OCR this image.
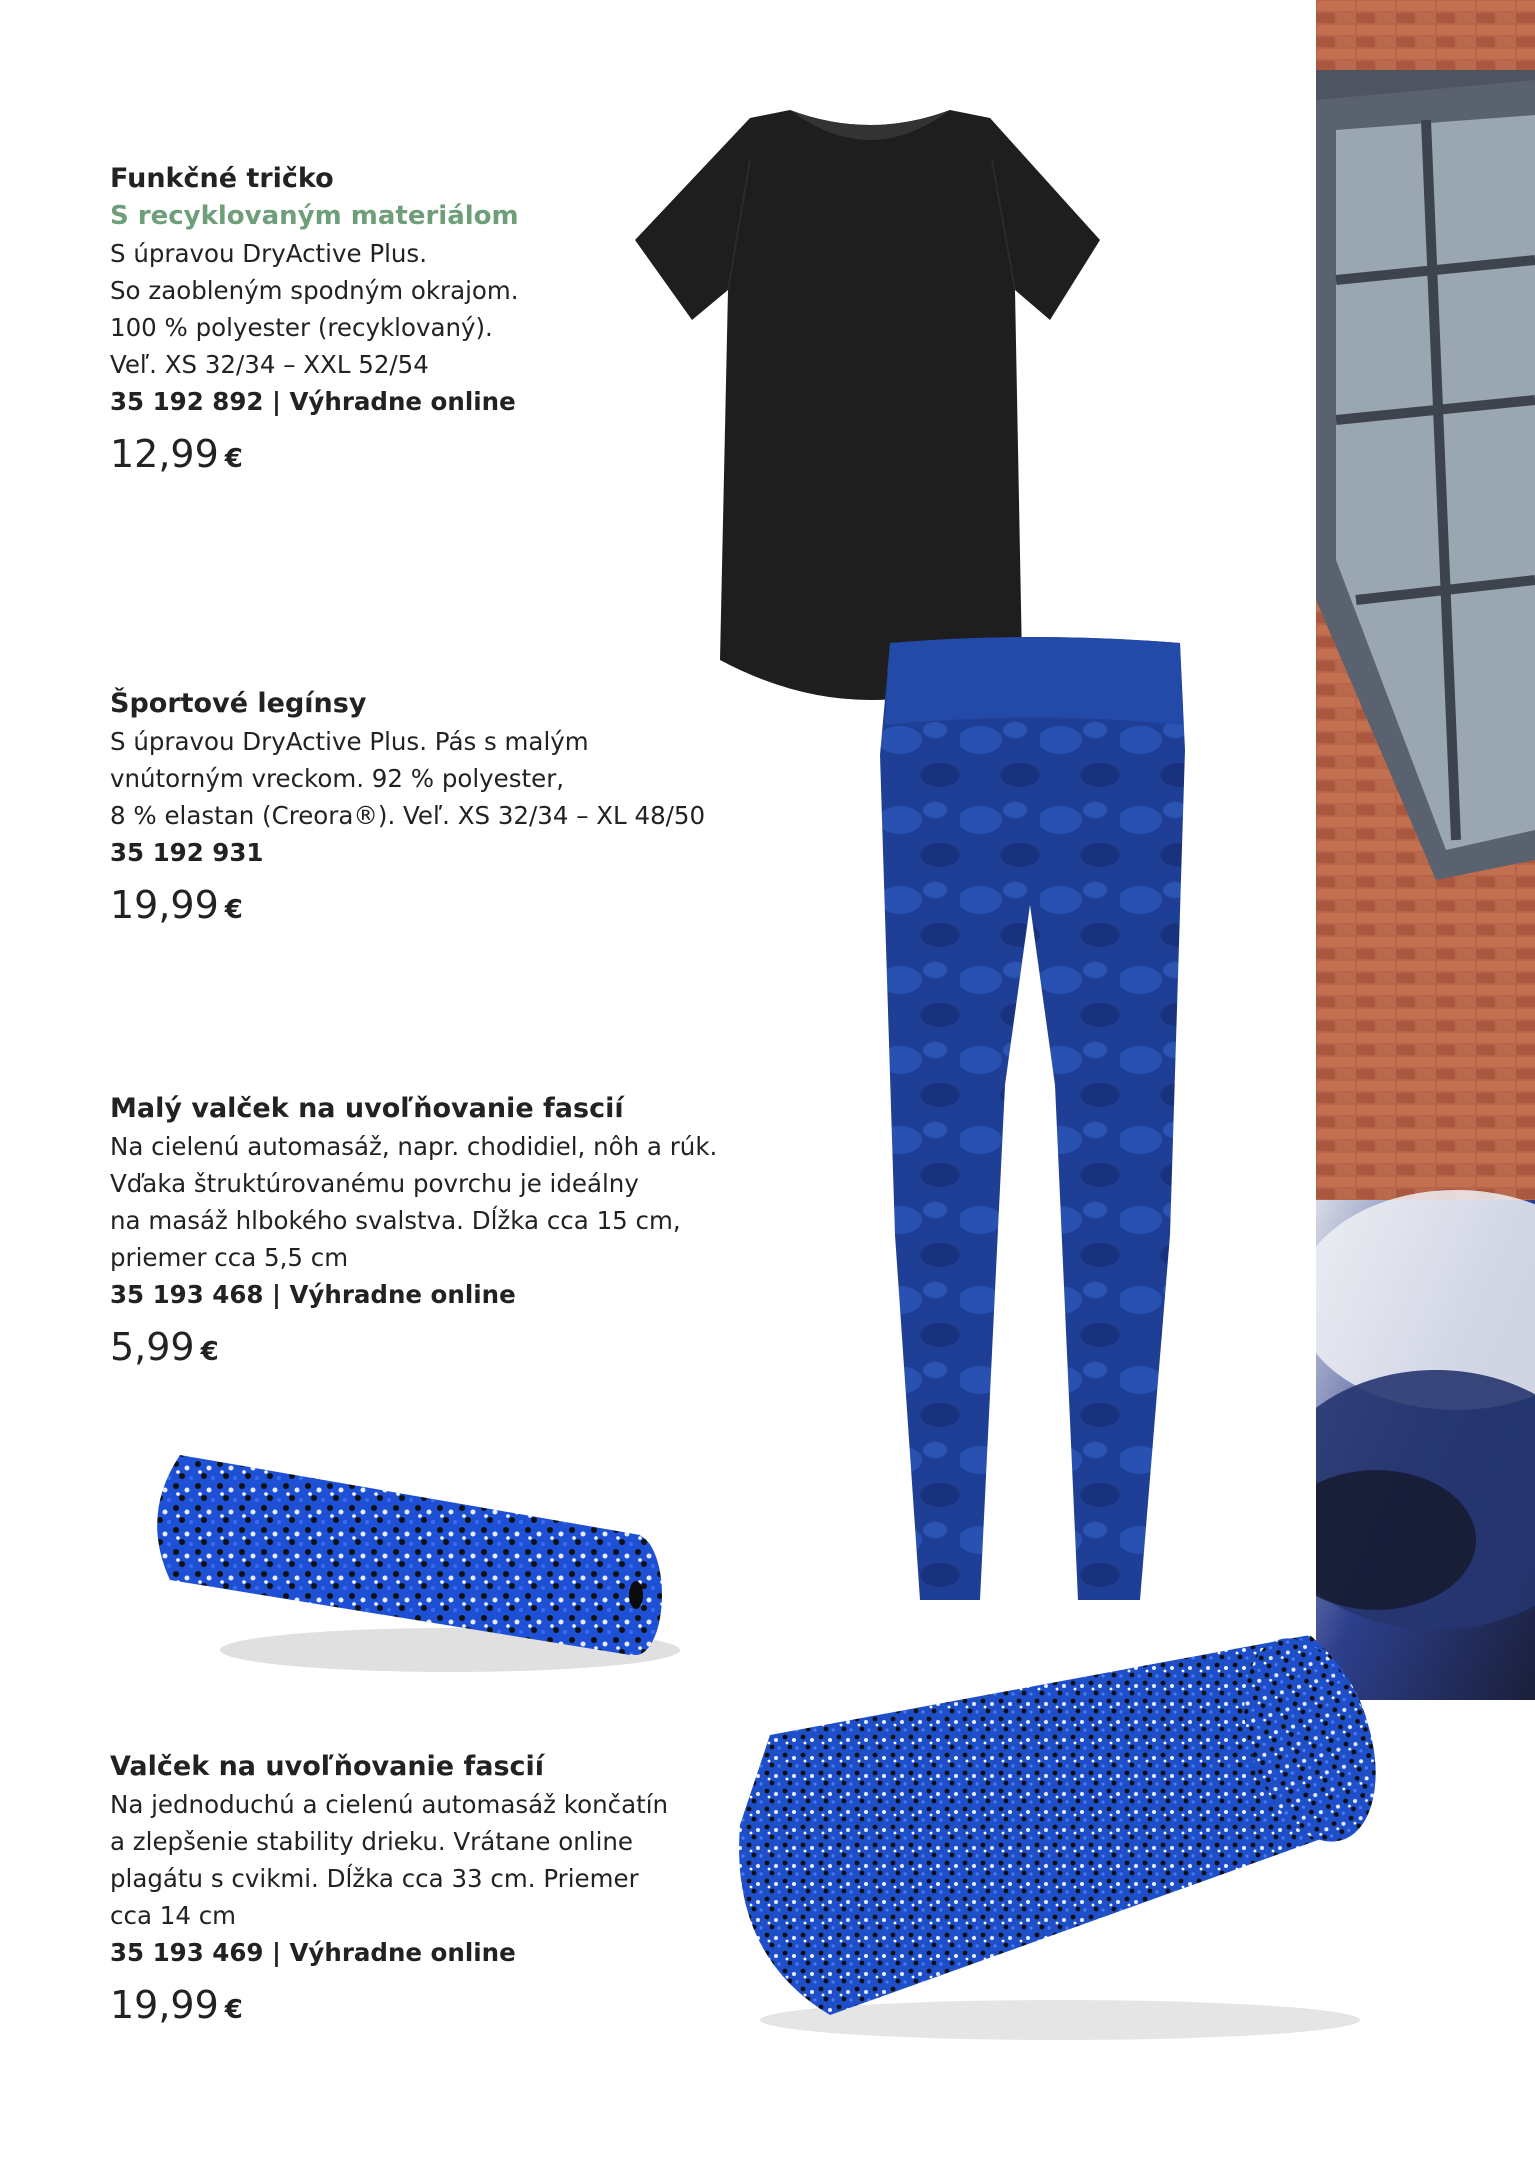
Funkčné tričko
S recyklovaným materiálom
S úpravou DryActive Plus.
So zaobleným spodným okrajom.
100 % polyester (recyklovaný).
Veľ. XS 32/34 – XXL 52/54
35 192 892 | Výhradne online
12,99 €
Športové legínsy
S úpravou DryActive Plus. Pás s malým
vnútorným vreckom. 92 % polyester,
8 % elastan (Creora®). Veľ. XS 32/34 – XL 48/50
35 192 931
19,99 €
Malý valček na uvoľňovanie fascií
Na cielenú automasáž, napr. chodidiel, nôh a rúk.
Vďaka štruktúrovanému povrchu je ideálny
na masáž hlbokého svalstva. Dĺžka cca 15 cm,
priemer cca 5,5 cm
35 193 468 | Výhradne online
5,99 €
Valček na uvoľňovanie fascií
Na jednoduchú a cielenú automasáž končatín
a zlepšenie stability drieku. Vrátane online
plagátu s cvikmi. Dĺžka cca 33 cm. Priemer
cca 14 cm
35 193 469 | Výhradne online
19,99 €
